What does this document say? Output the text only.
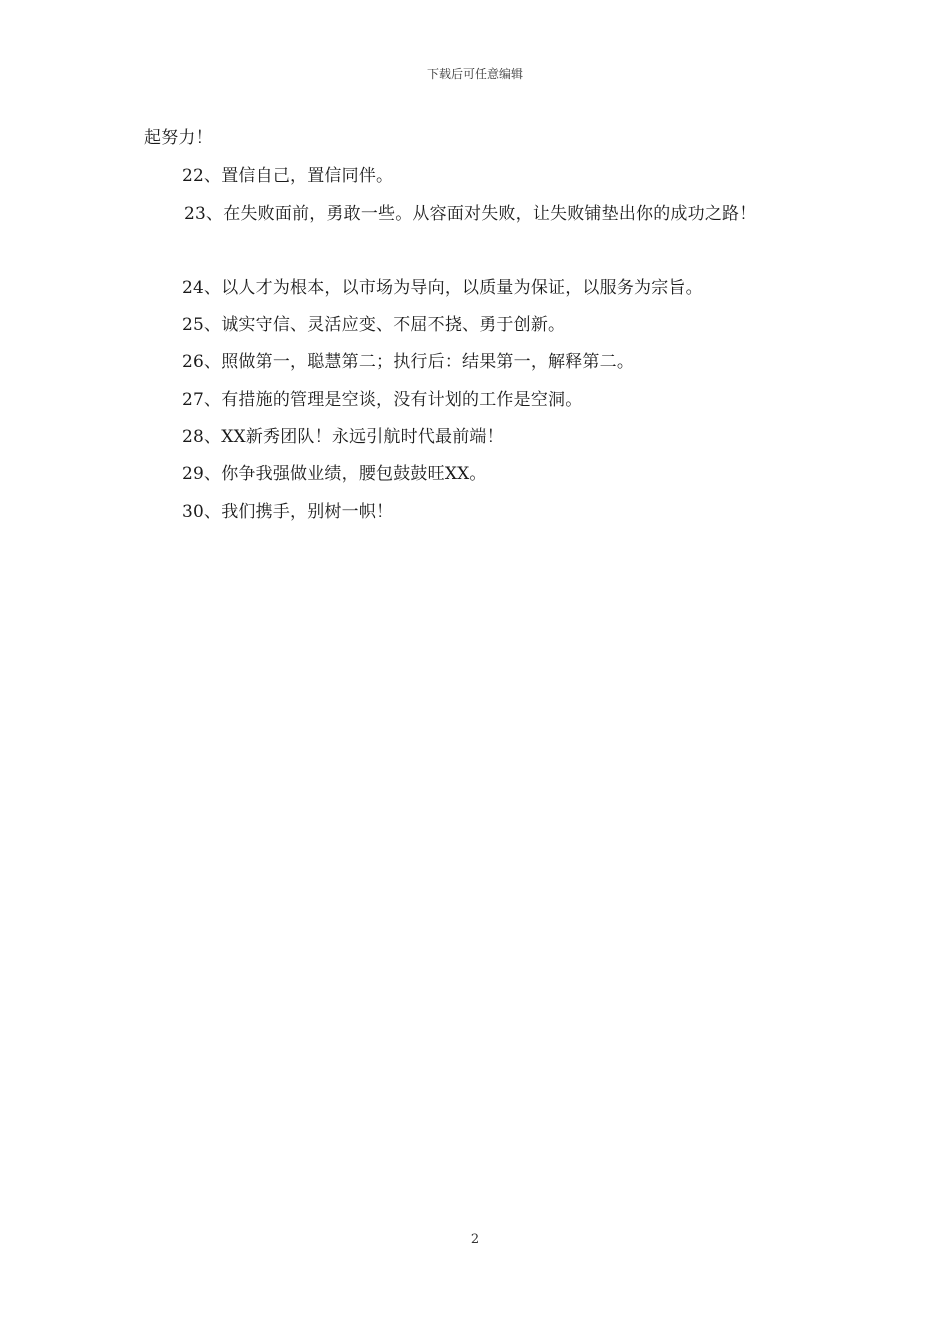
下载后可任意编辑
起努力！
22、置信自己，置信同伴。
23、在失败面前，勇敢一些。从容面对失败，让失败铺垫出你的成功之路！
24、以人才为根本，以市场为导向，以质量为保证，以服务为宗旨。
25、诚实守信、灵活应变、不屈不挠、勇于创新。
26、照做第一，聪慧第二；执行后：结果第一，解释第二。
27、有措施的管理是空谈，没有计划的工作是空洞。
28、XX新秀团队！永远引航时代最前端！
29、你争我强做业绩，腰包鼓鼓旺XX。
30、我们携手，别树一帜！
2
